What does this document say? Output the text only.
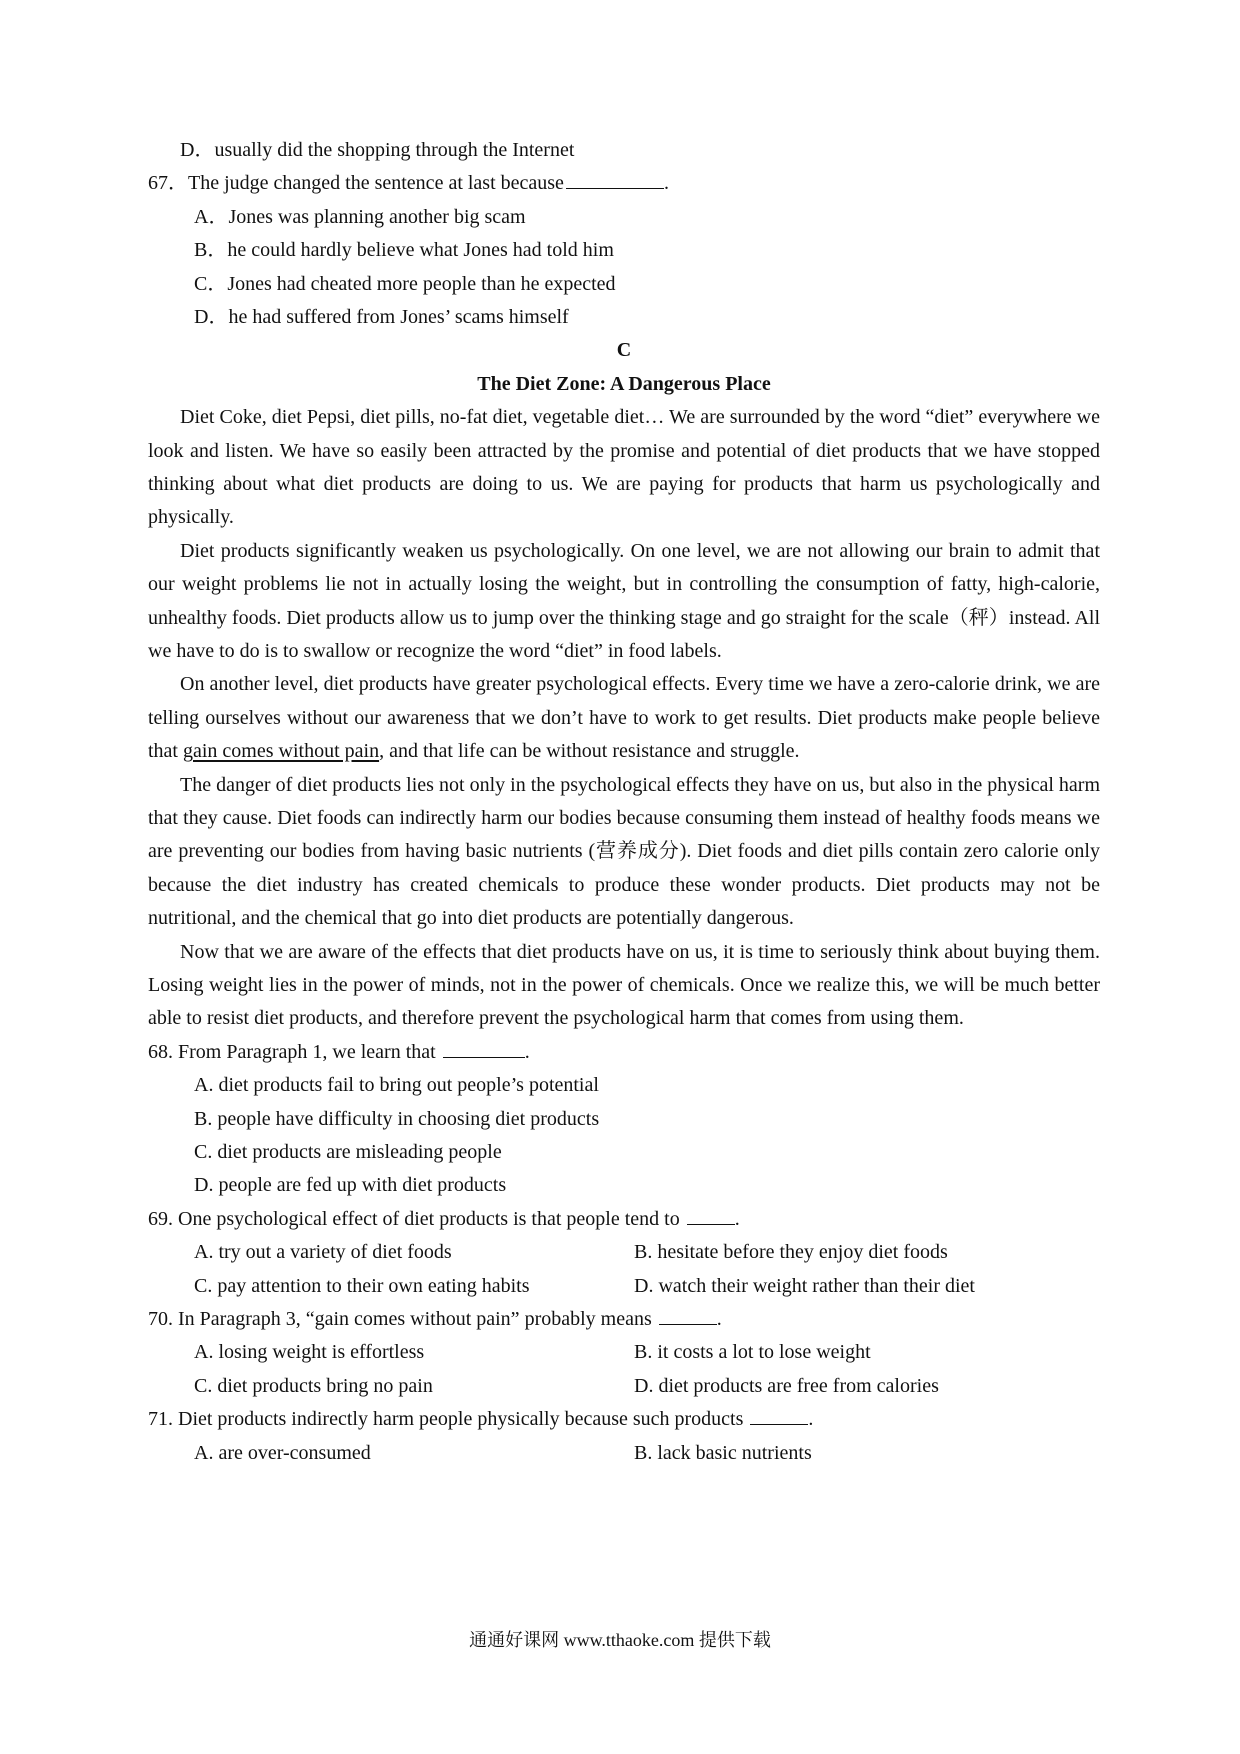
D．usually did the shopping through the Internet
67．The judge changed the sentence at last because	.
A．Jones was planning another big scam
B．he could hardly believe what Jones had told him
C．Jones had cheated more people than he expected
D．he had suffered from Jones’ scams himself
C
The Diet Zone: A Dangerous Place

Diet Coke, diet Pepsi, diet pills, no-fat diet, vegetable diet… We are surrounded by the word “diet” everywhere we look and listen. We have so easily been attracted by the promise and potential of diet products that we have stopped thinking about what diet products are doing to us. We are paying for products that harm us psychologically and physically.

Diet products significantly weaken us psychologically. On one level, we are not allowing our brain to admit that our weight problems lie not in actually losing the weight, but in controlling the consumption of fatty, high-calorie, unhealthy foods. Diet products allow us to jump over the thinking stage and go straight for the scale（秤）instead. All we have to do is to swallow or recognize the word “diet” in food labels.

On another level, diet products have greater psychological effects. Every time we have a zero-calorie drink, we are telling ourselves without our awareness that we don’t have to work to get results. Diet products make people believe that gain comes without pain, and that life can be without resistance and struggle.

The danger of diet products lies not only in the psychological effects they have on us, but also in the physical harm that they cause. Diet foods can indirectly harm our bodies because consuming them instead of healthy foods means we are preventing our bodies from having basic nutrients (营养成分). Diet foods and diet pills contain zero calorie only because the diet industry has created chemicals to produce these wonder products. Diet products may not be nutritional, and the chemical that go into diet products are potentially dangerous.

Now that we are aware of the effects that diet products have on us, it is time to seriously think about buying them. Losing weight lies in the power of minds, not in the power of chemicals. Once we realize this, we will be much better able to resist diet products, and therefore prevent the psychological harm that comes from using them.

68. From Paragraph 1, we learn that	.
A. diet products fail to bring out people’s potential
B. people have difficulty in choosing diet products
C. diet products are misleading people
D. people are fed up with diet products
69. One psychological effect of diet products is that people tend to	.
A. try out a variety of diet foods	B. hesitate before they enjoy diet foods
C. pay attention to their own eating habits	D. watch their weight rather than their diet
70. In Paragraph 3, “gain comes without pain” probably means	.
A. losing weight is effortless	B. it costs a lot to lose weight
C. diet products bring no pain	D. diet products are free from calories
71. Diet products indirectly harm people physically because such products	.
A. are over-consumed	B. lack basic nutrients
通通好课网 www.tthaoke.com 提供下载
